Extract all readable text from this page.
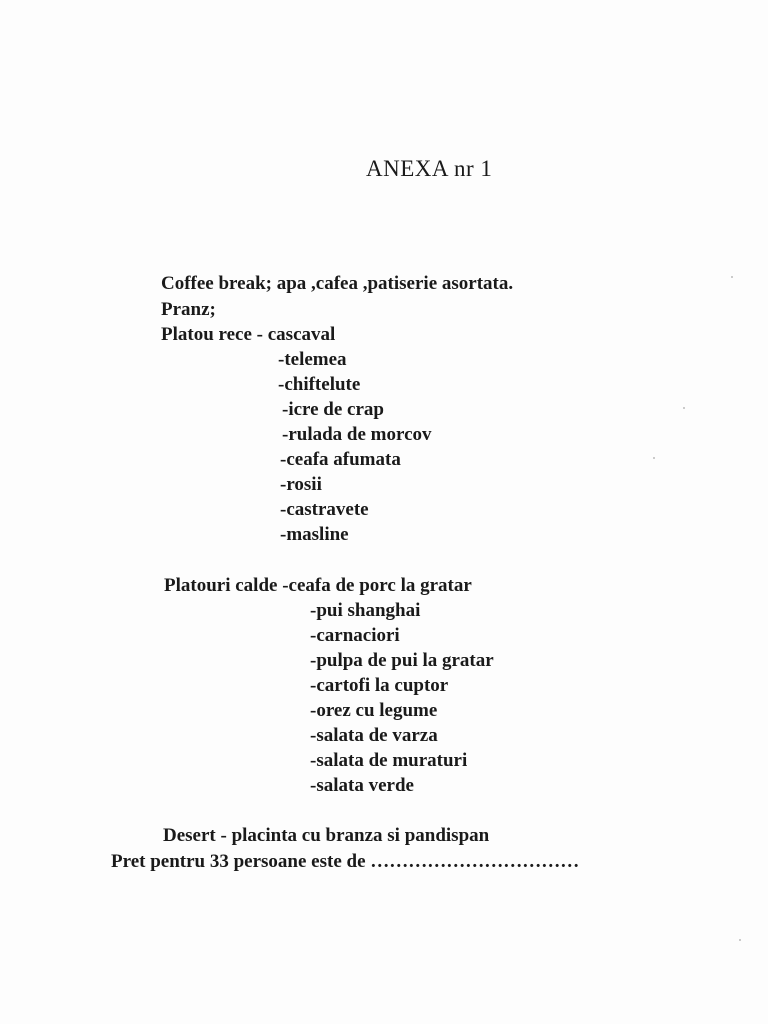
ANEXA nr 1
Coffee break; apa ,cafea ,patiserie asortata.
Pranz;
Platou rece - cascaval
-telemea
-chiftelute
-icre de crap
-rulada de morcov
-ceafa afumata
-rosii
-castravete
-masline
Platouri calde -ceafa de porc la gratar
-pui shanghai
-carnaciori
-pulpa de pui la gratar
-cartofi la cuptor
-orez cu legume
-salata de varza
-salata de muraturi
-salata verde
Desert - placinta cu branza si pandispan
Pret pentru 33 persoane este de ……………………………
